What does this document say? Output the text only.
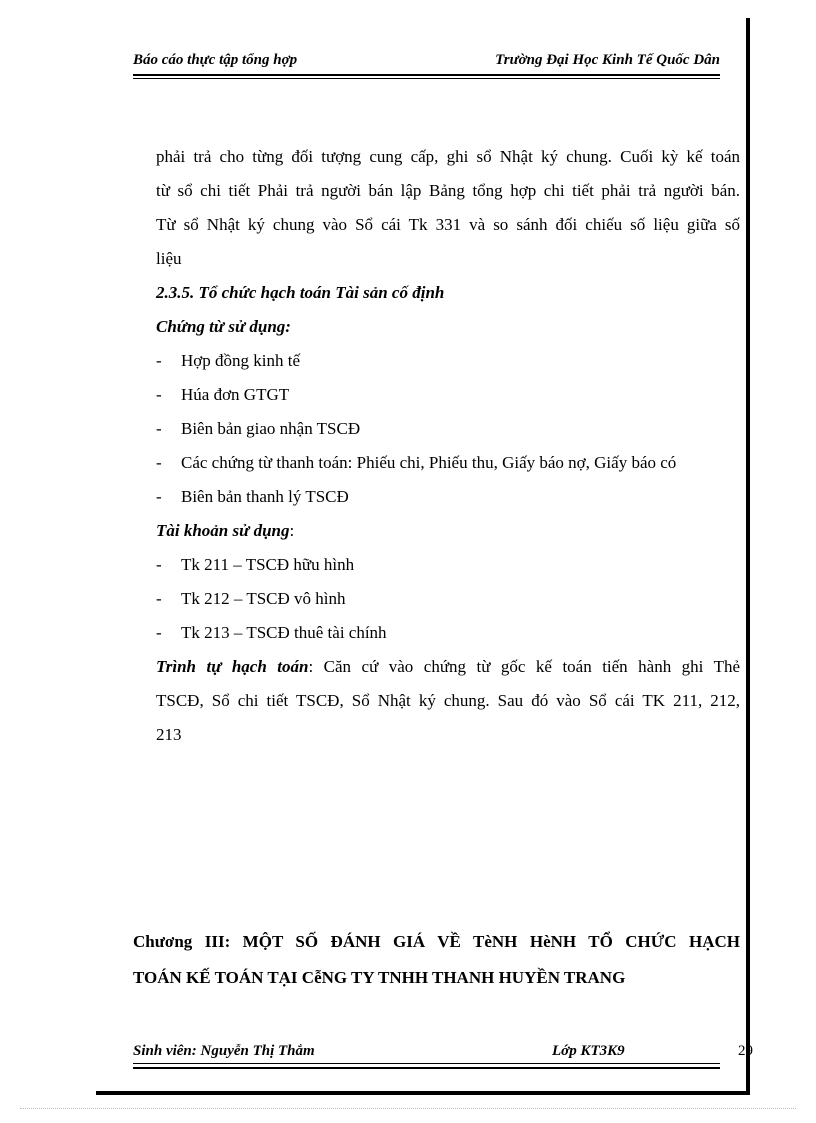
Báo cáo thực tập tổng hợp	Trường Đại Học Kinh Tế Quốc Dân
phải trả cho từng đối tượng cung cấp, ghi sổ Nhật ký chung. Cuối kỳ kế toán
từ sổ chi tiết Phải trả người bán lập Bảng tổng hợp chi tiết phải trả người bán.
Từ sổ Nhật ký chung vào Sổ cái Tk 331 và so sánh đối chiếu số liệu giữa số
liệu
2.3.5. Tổ chức hạch toán Tài sản cố định
Chứng từ sử dụng:
-	Hợp đồng kinh tế
-	Húa đơn GTGT
-	Biên bản giao nhận TSCĐ
-	Các chứng từ thanh toán: Phiếu chi, Phiếu thu, Giấy báo nợ, Giấy báo có
-	Biên bản thanh lý TSCĐ
Tài khoản sử dụng:
-	Tk 211 – TSCĐ hữu hình
-	Tk 212 – TSCĐ vô hình
-	Tk 213 – TSCĐ thuê tài chính
Trình tự hạch toán: Căn cứ vào chứng từ gốc kế toán tiến hành ghi Thẻ
TSCĐ, Sổ chi tiết TSCĐ, Sổ Nhật ký chung. Sau đó vào Sổ cái TK 211, 212,
213
Chương III: MỘT SỐ ĐÁNH GIÁ VỀ TèNH HèNH TỔ CHỨC HẠCH
TOÁN KẾ TOÁN TẠI CễNG TY TNHH THANH HUYỀN TRANG
Sinh viên: Nguyễn Thị Thắm	Lớp KT3K9	29
